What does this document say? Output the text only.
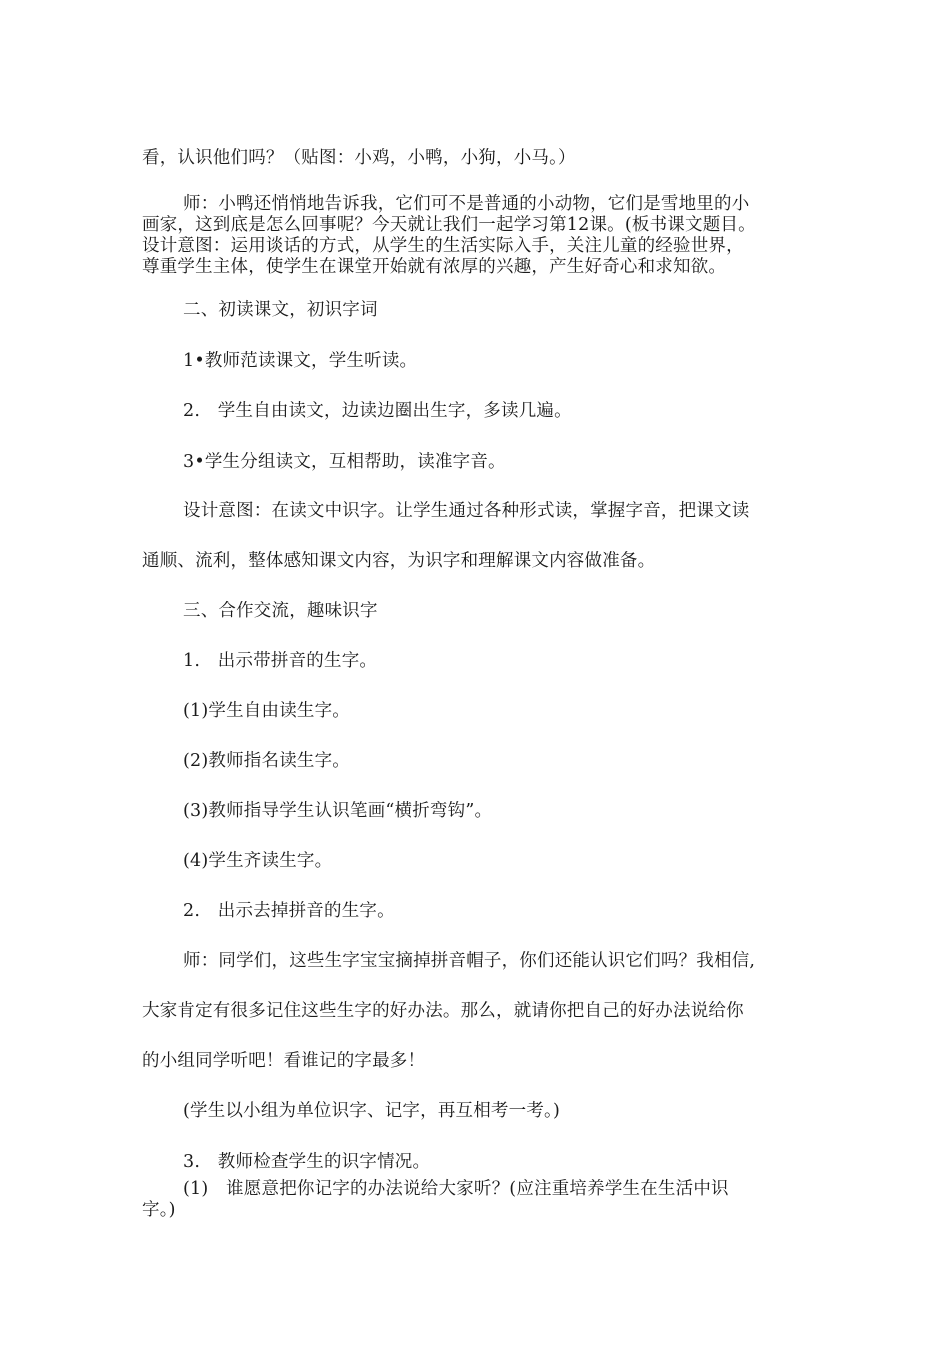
看，认识他们吗？（贴图：小鸡，小鸭，小狗，小马。）
师：小鸭还悄悄地告诉我，它们可不是普通的小动物，它们是雪地里的小
画家，这到底是怎么回事呢？今天就让我们一起学习第12课。(板书课文题目。
设计意图：运用谈话的方式，从学生的生活实际入手，关注儿童的经验世界，
尊重学生主体，使学生在课堂开始就有浓厚的兴趣，产生好奇心和求知欲。
二、初读课文，初识字词
1•教师范读课文，学生听读。
2.　学生自由读文，边读边圈出生字，多读几遍。
3•学生分组读文，互相帮助，读准字音。
设计意图：在读文中识字。让学生通过各种形式读，掌握字音，把课文读
通顺、流利，整体感知课文内容，为识字和理解课文内容做准备。
三、合作交流，趣味识字
1.　出示带拼音的生字。
(1)学生自由读生字。
(2)教师指名读生字。
(3)教师指导学生认识笔画“横折弯钩”。
(4)学生齐读生字。
2.　出示去掉拼音的生字。
师：同学们，这些生字宝宝摘掉拼音帽子，你们还能认识它们吗？我相信,
大家肯定有很多记住这些生字的好办法。那么，就请你把自己的好办法说给你
的小组同学听吧！看谁记的字最多！
(学生以小组为单位识字、记字，再互相考一考。)
3.　教师检查学生的识字情况。
(1)　谁愿意把你记字的办法说给大家听？(应注重培养学生在生活中识
字。)
